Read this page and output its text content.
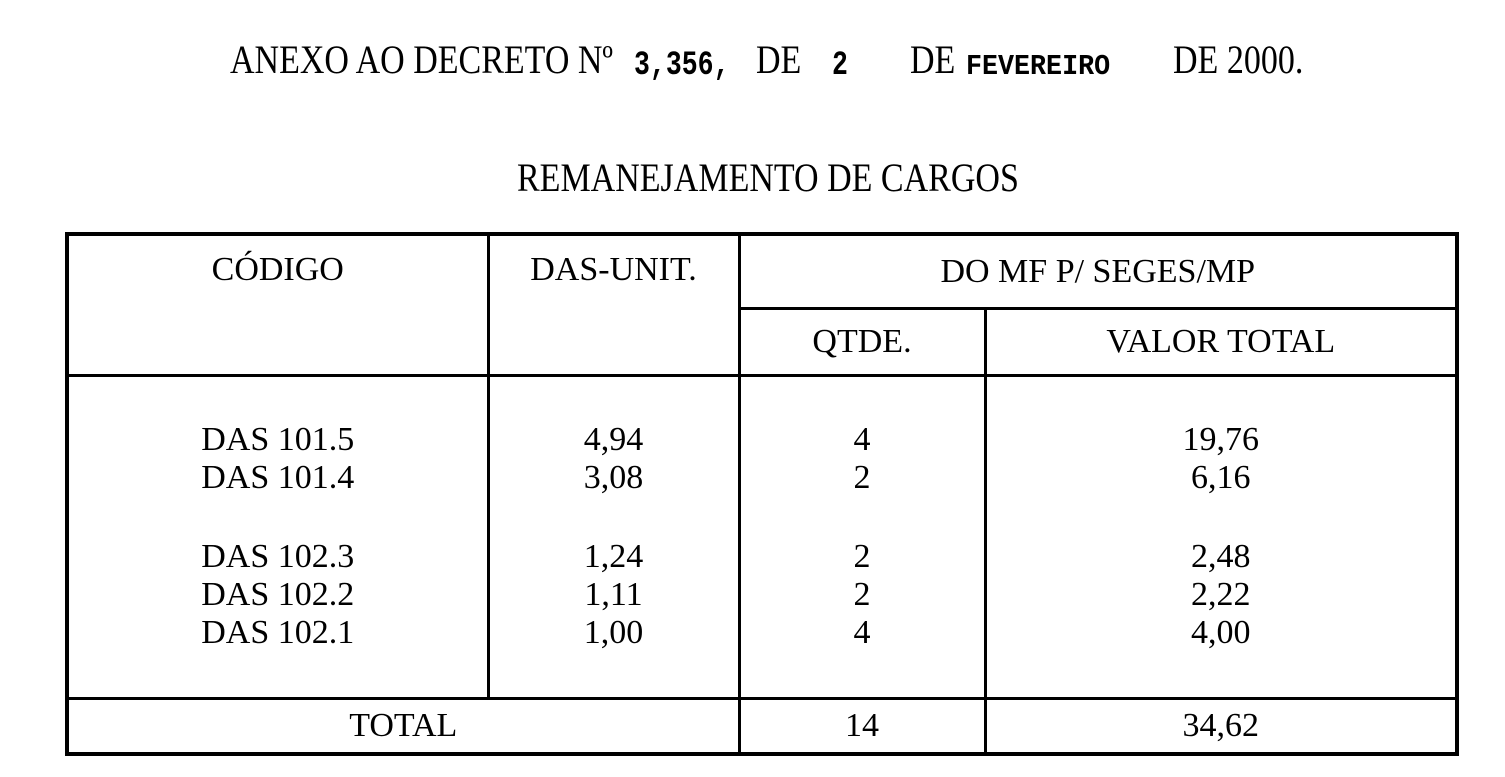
ANEXO AO DECRETO Nº 3,356, DE 2 DE FEVEREIRO DE 2000.
REMANEJAMENTO DE CARGOS
CÓDIGO	DAS-UNIT.	DO MF P/ SEGES/MP	
		QTDE.	VALOR TOTAL

DAS 101.5	4,94	4	19,76
DAS 101.4	3,08	2	6,16

DAS 102.3	1,24	2	2,48
DAS 102.2	1,11	2	2,22
DAS 102.1	1,00	4	4,00

TOTAL		14	34,62
